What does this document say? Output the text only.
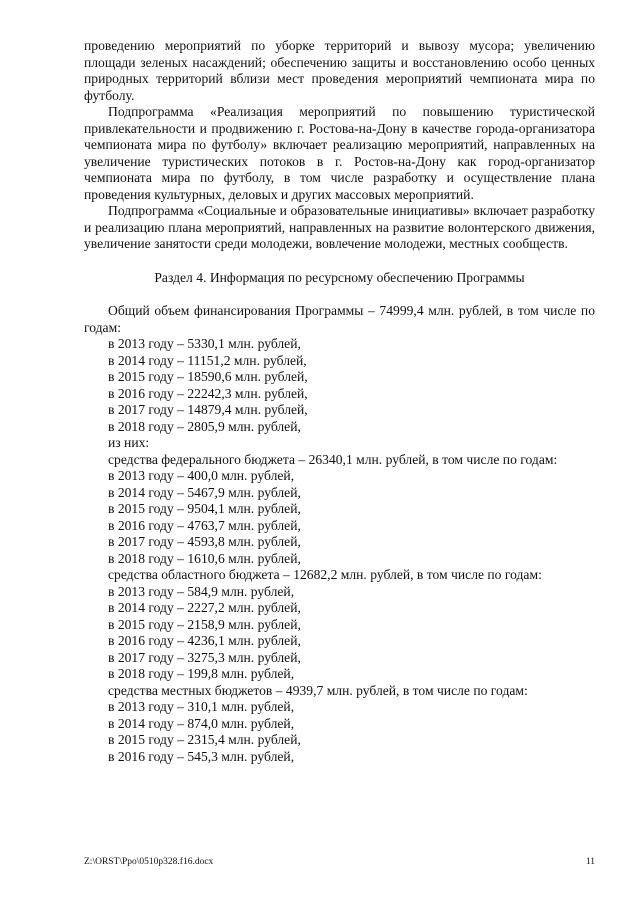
проведению мероприятий по уборке территорий и вывозу мусора; увеличению площади зеленых насаждений; обеспечению защиты и восстановлению особо ценных природных территорий вблизи мест проведения мероприятий чемпионата мира по футболу.

Подпрограмма «Реализация мероприятий по повышению туристической привлекательности и продвижению г. Ростова-на-Дону в качестве города-организатора чемпионата мира по футболу» включает реализацию мероприятий, направленных на увеличение туристических потоков в г. Ростов-на-Дону как город-организатор чемпионата мира по футболу, в том числе разработку и осуществление плана проведения культурных, деловых и других массовых мероприятий.

Подпрограмма «Социальные и образовательные инициативы» включает разработку и реализацию плана мероприятий, направленных на развитие волонтерского движения, увеличение занятости среди молодежи, вовлечение молодежи, местных сообществ.

Раздел 4. Информация по ресурсному обеспечению Программы

Общий объем финансирования Программы – 74999,4 млн. рублей, в том числе по годам:

в 2013 году – 5330,1 млн. рублей,

в 2014 году – 11151,2 млн. рублей,

в 2015 году – 18590,6 млн. рублей,

в 2016 году – 22242,3 млн. рублей,

в 2017 году – 14879,4 млн. рублей,

в 2018 году – 2805,9 млн. рублей,

из них:

средства федерального бюджета – 26340,1 млн. рублей, в том числе по годам:

в 2013 году – 400,0 млн. рублей,

в 2014 году – 5467,9 млн. рублей,

в 2015 году – 9504,1 млн. рублей,

в 2016 году – 4763,7 млн. рублей,

в 2017 году – 4593,8 млн. рублей,

в 2018 году – 1610,6 млн. рублей,

средства областного бюджета – 12682,2 млн. рублей, в том числе по годам:

в 2013 году – 584,9 млн. рублей,

в 2014 году – 2227,2 млн. рублей,

в 2015 году – 2158,9 млн. рублей,

в 2016 году – 4236,1 млн. рублей,

в 2017 году – 3275,3 млн. рублей,

в 2018 году – 199,8 млн. рублей,

средства местных бюджетов – 4939,7 млн. рублей, в том числе по годам:

в 2013 году – 310,1 млн. рублей,

в 2014 году – 874,0 млн. рублей,

в 2015 году – 2315,4 млн. рублей,

в 2016 году – 545,3 млн. рублей,

Z:\ORST\Ppo\0510p328.f16.docx	11
